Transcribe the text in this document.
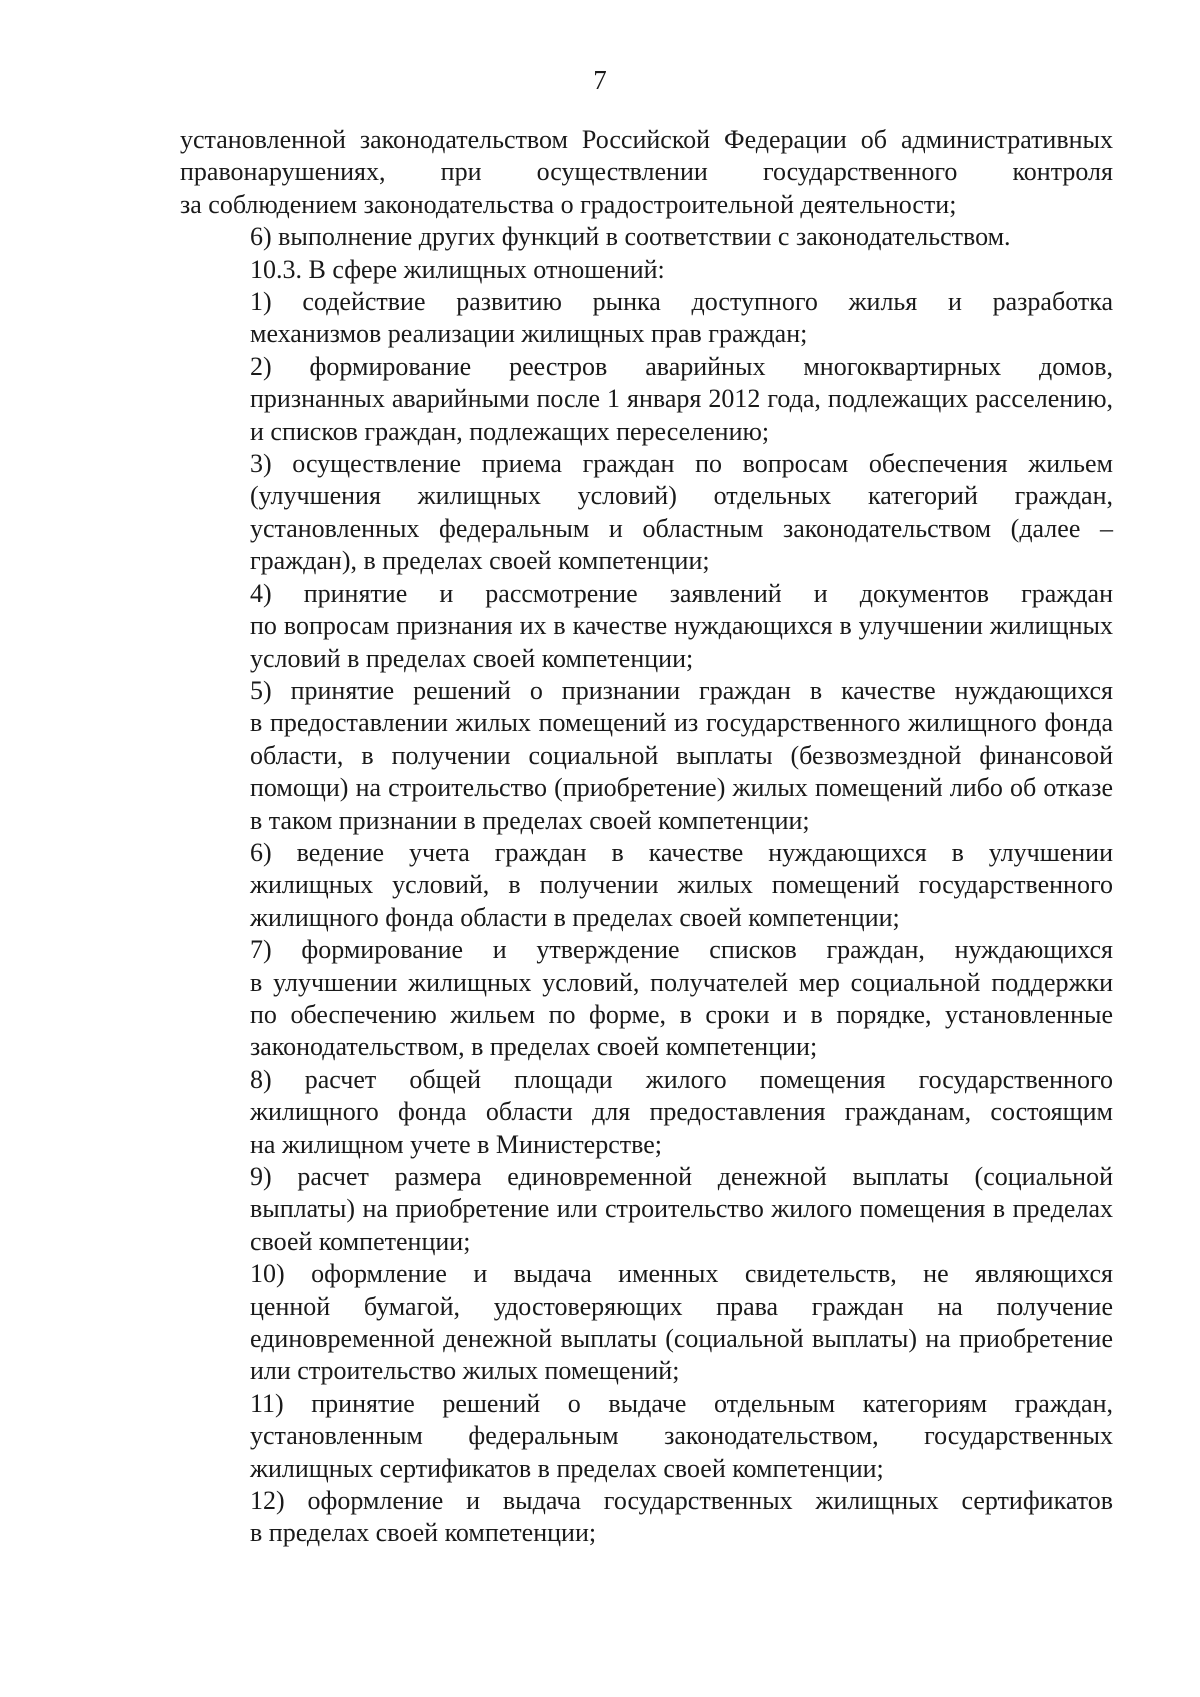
7

установленной законодательством Российской Федерации об административных
правонарушениях, при осуществлении государственного контроля
за соблюдением законодательства о градостроительной деятельности;

6) выполнение других функций в соответствии с законодательством.

10.3. В сфере жилищных отношений:

1) содействие развитию рынка доступного жилья и разработка
механизмов реализации жилищных прав граждан;

2) формирование реестров аварийных многоквартирных домов,
признанных аварийными после 1 января 2012 года, подлежащих расселению,
и списков граждан, подлежащих переселению;

3) осуществление приема граждан по вопросам обеспечения жильем
(улучшения жилищных условий) отдельных категорий граждан,
установленных федеральным и областным законодательством (далее –
граждан), в пределах своей компетенции;

4) принятие и рассмотрение заявлений и документов граждан
по вопросам признания их в качестве нуждающихся в улучшении жилищных
условий в пределах своей компетенции;

5) принятие решений о признании граждан в качестве нуждающихся
в предоставлении жилых помещений из государственного жилищного фонда
области, в получении социальной выплаты (безвозмездной финансовой
помощи) на строительство (приобретение) жилых помещений либо об отказе
в таком признании в пределах своей компетенции;

6) ведение учета граждан в качестве нуждающихся в улучшении
жилищных условий, в получении жилых помещений государственного
жилищного фонда области в пределах своей компетенции;

7) формирование и утверждение списков граждан, нуждающихся
в улучшении жилищных условий, получателей мер социальной поддержки
по обеспечению жильем по форме, в сроки и в порядке, установленные
законодательством, в пределах своей компетенции;

8) расчет общей площади жилого помещения государственного
жилищного фонда области для предоставления гражданам, состоящим
на жилищном учете в Министерстве;

9) расчет размера единовременной денежной выплаты (социальной
выплаты) на приобретение или строительство жилого помещения в пределах
своей компетенции;

10) оформление и выдача именных свидетельств, не являющихся
ценной бумагой, удостоверяющих права граждан на получение
единовременной денежной выплаты (социальной выплаты) на приобретение
или строительство жилых помещений;

11) принятие решений о выдаче отдельным категориям граждан,
установленным федеральным законодательством, государственных
жилищных сертификатов в пределах своей компетенции;

12) оформление и выдача государственных жилищных сертификатов
в пределах своей компетенции;
